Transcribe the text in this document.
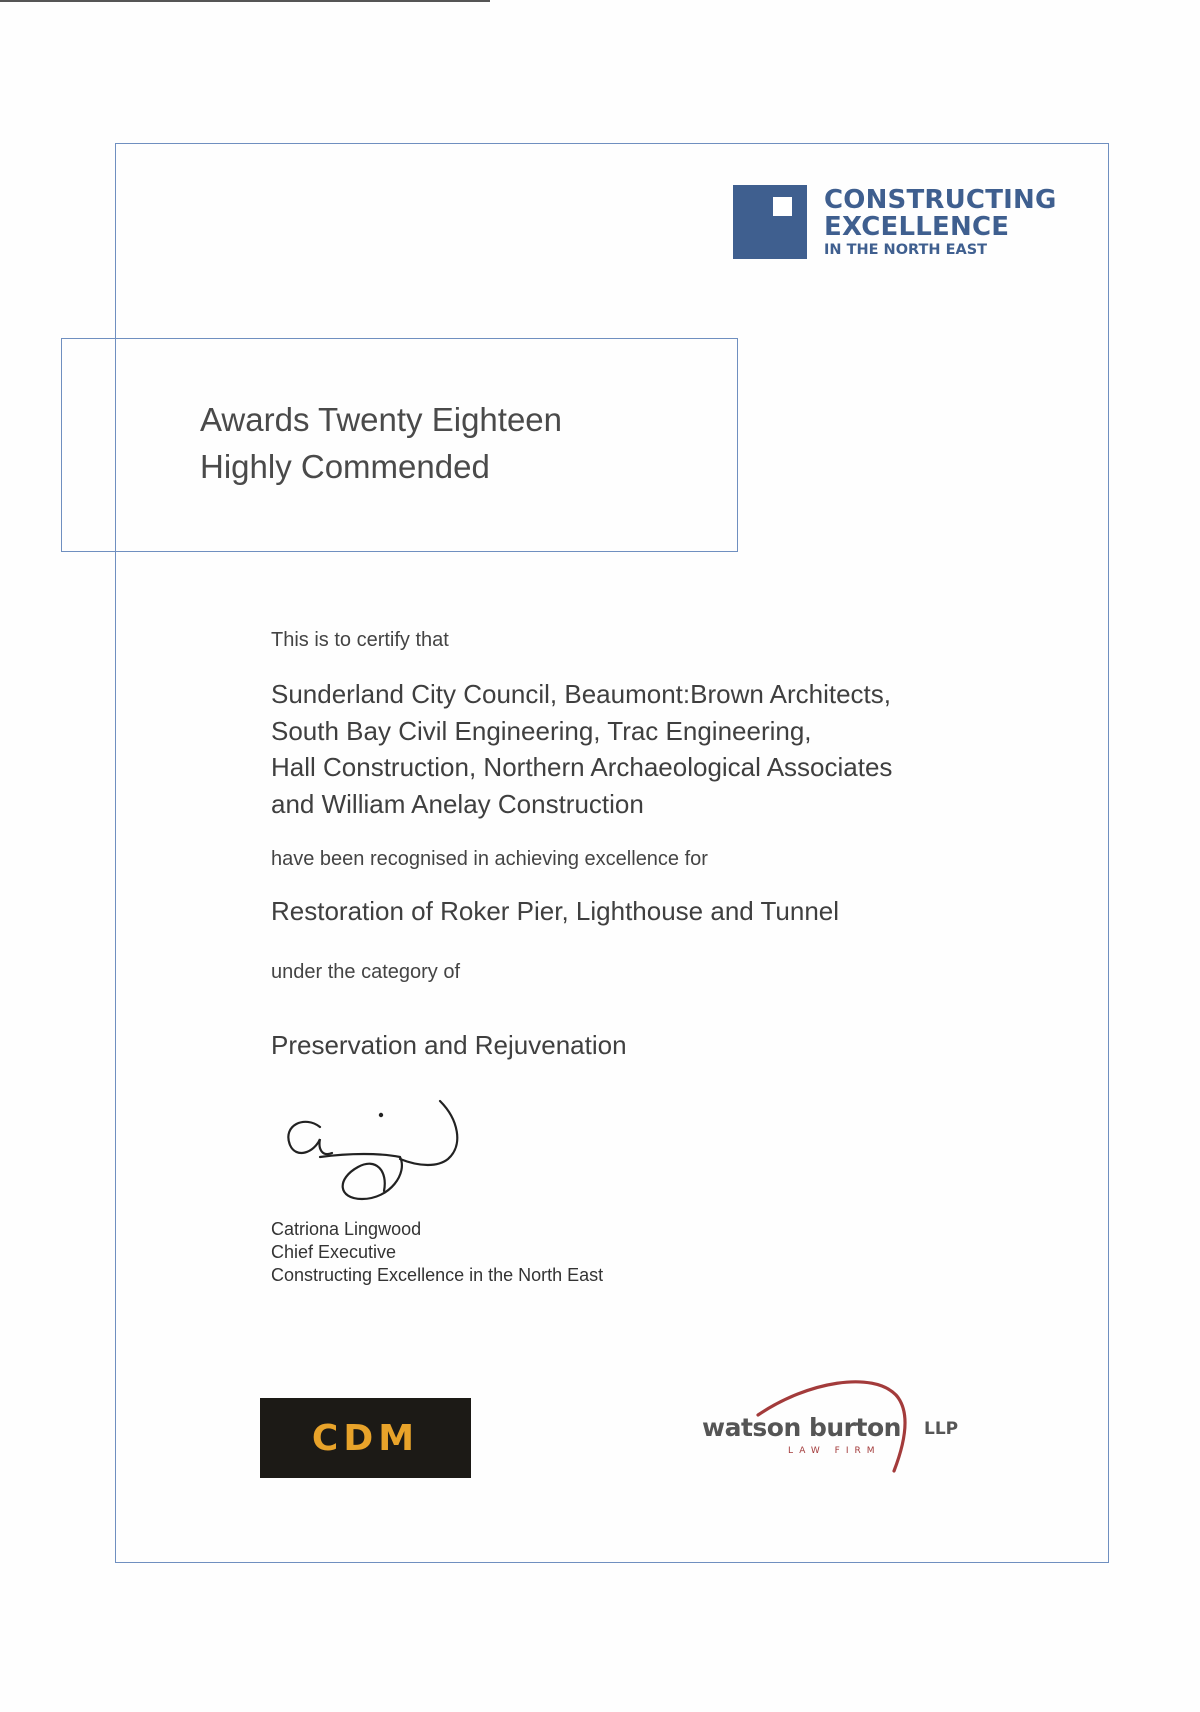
CONSTRUCTING
EXCELLENCE
IN THE NORTH EAST
Awards Twenty Eighteen
Highly Commended
This is to certify that
Sunderland City Council, Beaumont:Brown Architects,
South Bay Civil Engineering, Trac Engineering,
Hall Construction, Northern Archaeological Associates
and William Anelay Construction
have been recognised in achieving excellence for
Restoration of Roker Pier, Lighthouse and Tunnel
under the category of
Preservation and Rejuvenation
Catriona Lingwood
Chief Executive
Constructing Excellence in the North East
CDM	watson burton LLP
LAW FIRM
